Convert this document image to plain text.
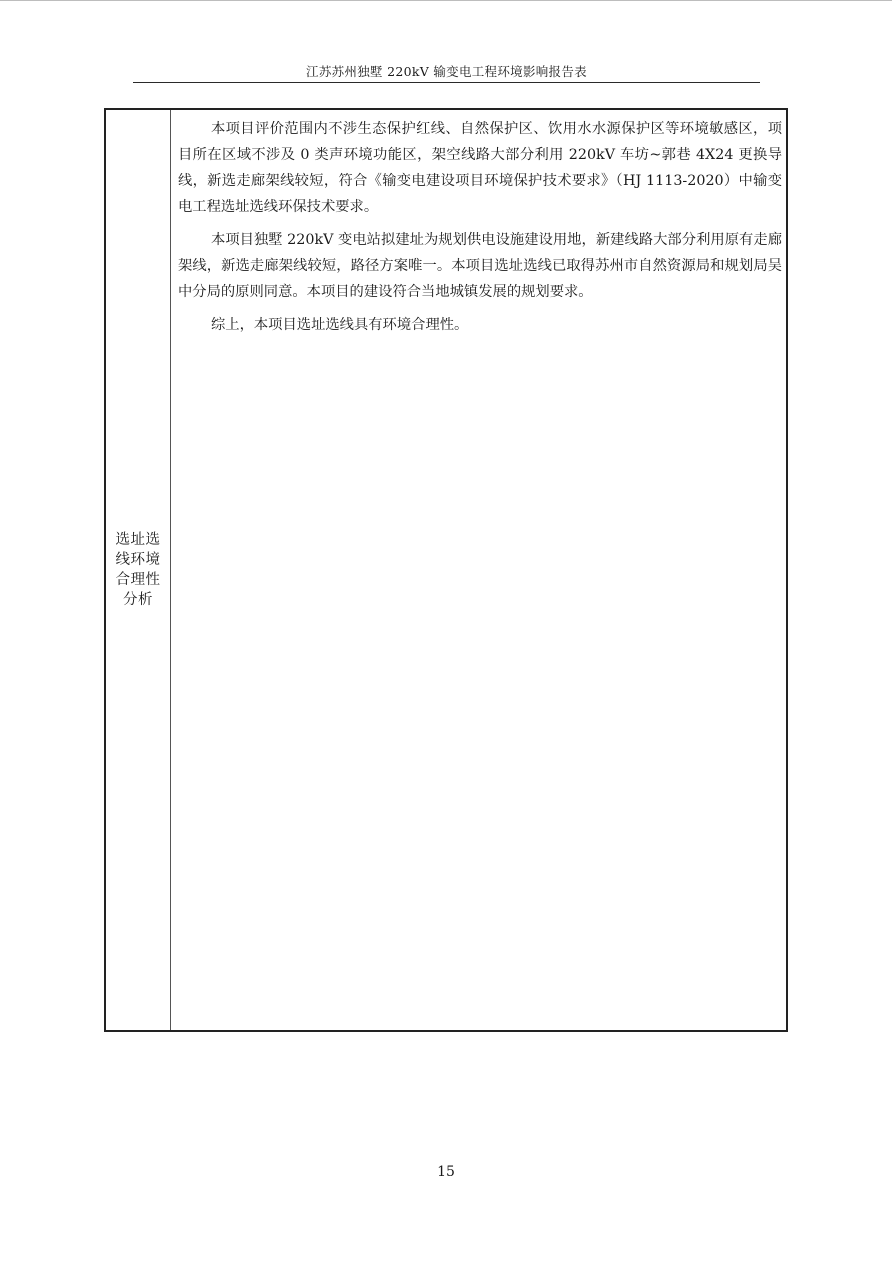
江苏苏州独墅 220kV 输变电工程环境影响报告表
选址选线环境合理性分析

本项目评价范围内不涉生态保护红线、自然保护区、饮用水水源保护区等环境敏感区，项目所在区域不涉及 0 类声环境功能区，架空线路大部分利用 220kV 车坊~郭巷 4X24 更换导线，新选走廊架线较短，符合《输变电建设项目环境保护技术要求》（HJ 1113-2020）中输变电工程选址选线环保技术要求。

本项目独墅 220kV 变电站拟建址为规划供电设施建设用地，新建线路大部分利用原有走廊架线，新选走廊架线较短，路径方案唯一。本项目选址选线已取得苏州市自然资源局和规划局吴中分局的原则同意。本项目的建设符合当地城镇发展的规划要求。

综上，本项目选址选线具有环境合理性。

15
